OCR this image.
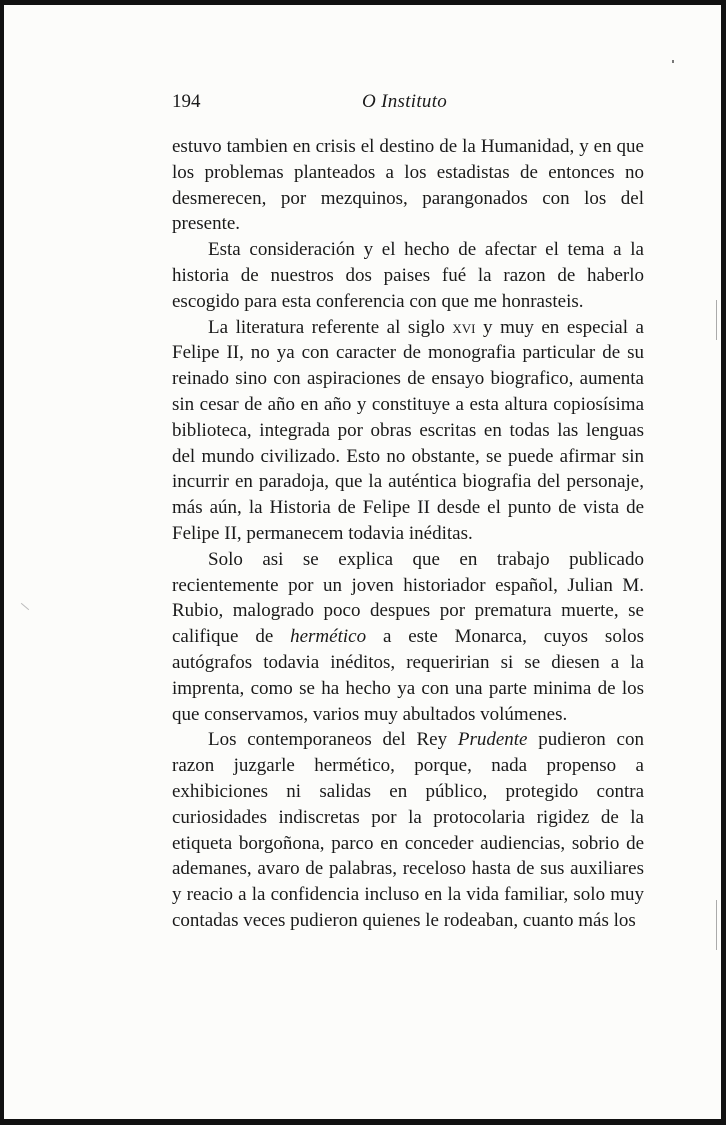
194	O Instituto

estuvo tambien en crisis el destino de la Humanidad, y en que los problemas planteados a los estadistas de entonces no desmerecen, por mezquinos, parangonados con los del presente.

Esta consideración y el hecho de afectar el tema a la historia de nuestros dos paises fué la razon de haberlo escogido para esta conferencia con que me honrasteis.

La literatura referente al siglo xvi y muy en especial a Felipe II, no ya con caracter de monografia particular de su reinado sino con aspiraciones de ensayo biografico, aumenta sin cesar de año en año y constituye a esta altura copiosísima biblioteca, integrada por obras escritas en todas las lenguas del mundo civilizado. Esto no obstante, se puede afirmar sin incurrir en paradoja, que la auténtica biografia del personaje, más aún, la Historia de Felipe II desde el punto de vista de Felipe II, permanecem todavia inéditas.

Solo asi se explica que en trabajo publicado recientemente por un joven historiador español, Julian M. Rubio, malogrado poco despues por prematura muerte, se califique de hermético a este Monarca, cuyos solos autógrafos todavia inéditos, requeririan si se diesen a la imprenta, como se ha hecho ya con una parte minima de los que conservamos, varios muy abultados volúmenes.

Los contemporaneos del Rey Prudente pudieron con razon juzgarle hermético, porque, nada propenso a exhibiciones ni salidas en público, protegido contra curiosidades indiscretas por la protocolaria rigidez de la etiqueta borgoñona, parco en conceder audiencias, sobrio de ademanes, avaro de palabras, receloso hasta de sus auxiliares y reacio a la confidencia incluso en la vida familiar, solo muy contadas veces pudieron quienes le rodeaban, cuanto más los
